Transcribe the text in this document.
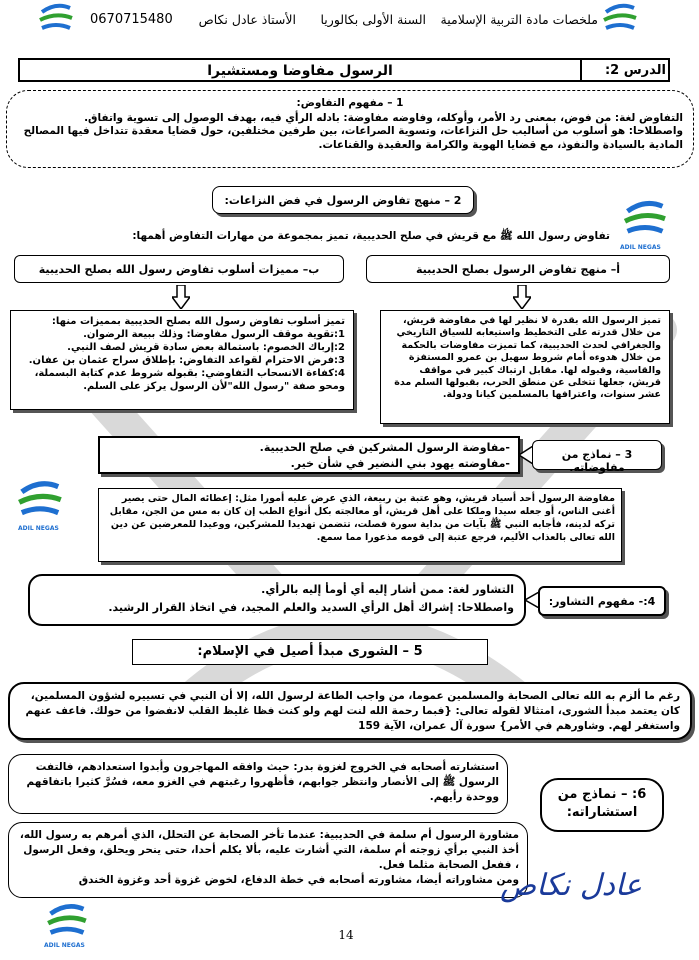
0670715480	الأستاذ عادل نكاص	السنة الأولى بكالوريا	ملخصات مادة التربية الإسلامية
الدرس 2:
الرسول مفاوضا ومستشيرا
1 – مفهوم التفاوض:
التفاوض لغة: من فوض، بمعنى رد الأمر، وأوكله، وفاوضه مفاوضة: بادله الرأي فيه، بهدف الوصول إلى تسوية واتفاق.
واصطلاحا: هو أسلوب من أساليب حل النزاعات، وتسوية الصراعات، بين طرفين مختلفين، حول قضايا معقدة تتداخل فيها المصالح المادية بالسيادة والنفوذ، مع قضايا الهوية والكرامة والعقيدة والقناعات.
2 – منهج تفاوض الرسول في فض النزاعات:
تفاوض رسول الله ﷺ مع قريش في صلح الحديبية، تميز بمجموعة من مهارات التفاوض أهمها:
ADIL NEGAS
أ– منهج تفاوض الرسول بصلح الحديبية
ب– مميزات أسلوب تفاوض رسول الله بصلح الحديبية
تميز الرسول الله بقدرة لا نظير لها في مفاوضة قريش، من خلال قدرته على التخطيط واستيعابه للسياق التاريخي والجغرافي لحدث الحديبية، كما تميزت مفاوضات بالحكمة من خلال هدوءه أمام شروط سهيل بن عمرو المستفزة والقاسية، وقبوله لها. مقابل ارتباك كبير في مواقف قريش، جعلها تتخلى عن منطق الحرب، بقبولها السلم مدة عشر سنوات، واعترافها بالمسلمين كيانا ودولة.
تميز أسلوب تفاوض رسول الله بصلح الحديبية بمميزات منها:
1:تقوية موقف الرسول مفاوضا: وذلك ببيعة الرضوان.
2:إرباك الخصوم: باستمالة بعض سادة قريش لصف النبي.
3:فرض الاحترام لقواعد التفاوض: بإطلاق سراح عثمان بن عفان.
4:كفاءة الانسحاب التفاوضي: بقبوله شروط عدم كتابة البسملة، ومحو صفة "رسول الله"لأن الرسول يركز على السلم.
-مفاوضة الرسول المشركين في صلح الحديبية.
-مفاوضته يهود بني النضير في شأن خير.
3 – نماذج من مفاوضاته.
ADIL NEGAS
مفاوضة الرسول أحد أسياد قريش، وهو عتبة بن ربيعة، الذي عرض عليه أمورا مثل: إعطائه المال حتى يصير أغنى الناس، أو جعله سيدا وملكا على أهل قريش، أو معالجته بكل أنواع الطب إن كان به مس من الجن، مقابل تركه لدينه، فأجابه النبي ﷺ بآيات من بداية سورة فصلت، تتضمن تهديدا للمشركين، ووعيدا للمعرضين عن دين الله تعالى بالعذاب الأليم، فرجع عتبة إلى قومه مذعورا مما سمع.
التشاور لغة: ممن أشار إليه أي أومأ إليه بالرأي.
واصطلاحا: إشراك أهل الرأي السديد والعلم المجيد، في اتخاذ القرار الرشيد.	4:- مفهوم التشاور:
5 – الشورى مبدأ أصيل في الإسلام:
رغم ما ألزم به الله تعالى الصحابة والمسلمين عموما، من واجب الطاعة لرسول الله، إلا أن النبي في تسييره لشؤون المسلمين، كان يعتمد مبدأ الشورى، امتثالا لقوله تعالى: {فبما رحمة الله لنت لهم ولو كنت فظا غليظ القلب لانفضوا من حولك. فاعف عنهم واستغفر لهم. وشاورهم في الأمر} سورة آل عمران، الآية 159
استشارته أصحابه في الخروج لغزوة بدر: حيث وافقه المهاجرون وأبدوا استعدادهم، فالتفت الرسول ﷺ إلى الأنصار وانتظر جوابهم، فأظهروا رغبتهم في الغزو معه، فسُرَّ كثيرا باتفاقهم ووحدة رأيهم.	6: – نماذج من استشاراته:
مشاورة الرسول أم سلمة في الحديبية: عندما تأخر الصحابة عن التحلل، الذي أمرهم به رسول الله، أخذ النبي برأي زوجته أم سلمة، التي أشارت عليه، بألا يكلم أحدا، حتى ينحر ويحلق، وفعل الرسول ، ففعل الصحابة مثلما فعل.
ومن مشاوراته أيضا، مشاورته أصحابه في خطة الدفاع، لخوض غزوة أحد وغزوة الخندق
عادل نكاص
ADIL NEGAS
14
